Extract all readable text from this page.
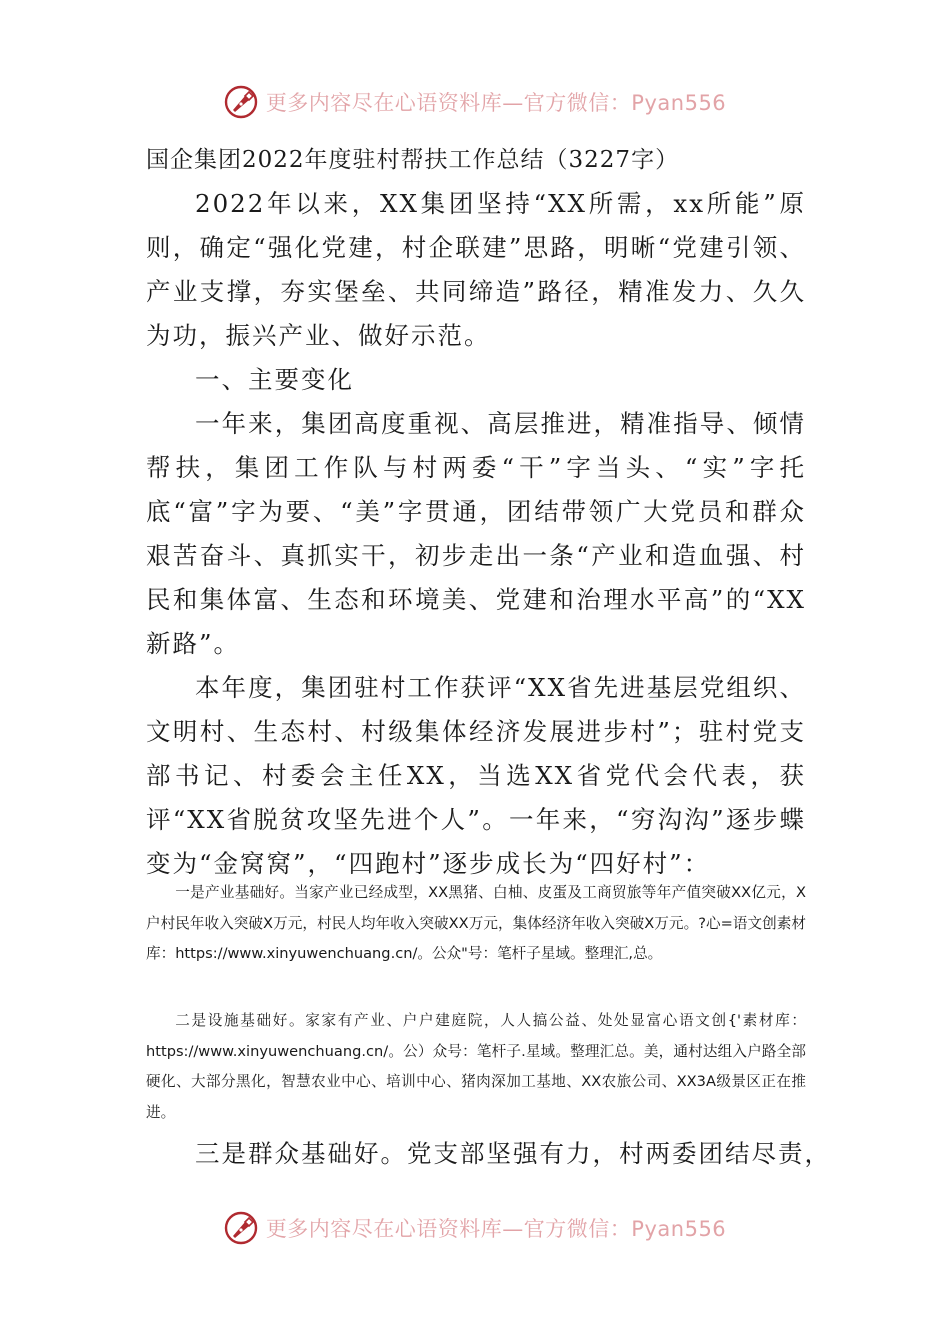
更多内容尽在心语资料库—官方微信：Pyan556
国企集团2022年度驻村帮扶工作总结（3227字）

2022年以来，XX集团坚持“XX所需，xx所能”原则，确定“强化党建，村企联建”思路，明晰“党建引领、产业支撑，夯实堡垒、共同缔造”路径，精准发力、久久为功，振兴产业、做好示范。

一、主要变化

一年来，集团高度重视、高层推进，精准指导、倾情帮扶，集团工作队与村两委“干”字当头、“实”字托底“富”字为要、“美”字贯通，团结带领广大党员和群众艰苦奋斗、真抓实干，初步走出一条“产业和造血强、村民和集体富、生态和环境美、党建和治理水平高”的“XX新路”。

本年度，集团驻村工作获评“XX省先进基层党组织、文明村、生态村、村级集体经济发展进步村”；驻村党支部书记、村委会主任XX，当选XX省党代会代表，获评“XX省脱贫攻坚先进个人”。一年来，“穷沟沟”逐步蝶变为“金窝窝”，“四跑村”逐步成长为“四好村”：

一是产业基础好。当家产业已经成型，XX黑猪、白柚、皮蛋及工商贸旅等年产值突破XX亿元，X户村民年收入突破X万元，村民人均年收入突破XX万元，集体经济年收入突破X万元。?心=语文创素材库：https://www.xinyuwenchuang.cn/。公众"号：笔杆子星域。整理汇,总。

二是设施基础好。家家有产业、户户建庭院，人人搞公益、处处显富心语文创{'素材库：https://www.xinyuwenchuang.cn/。公）众号：笔杆子.星域。整理汇总。美，通村达组入户路全部硬化、大部分黑化，智慧农业中心、培训中心、猪肉深加工基地、XX农旅公司、XX3A级景区正在推进。

三是群众基础好。党支部坚强有力，村两委团结尽责，

更多内容尽在心语资料库—官方微信：Pyan556
